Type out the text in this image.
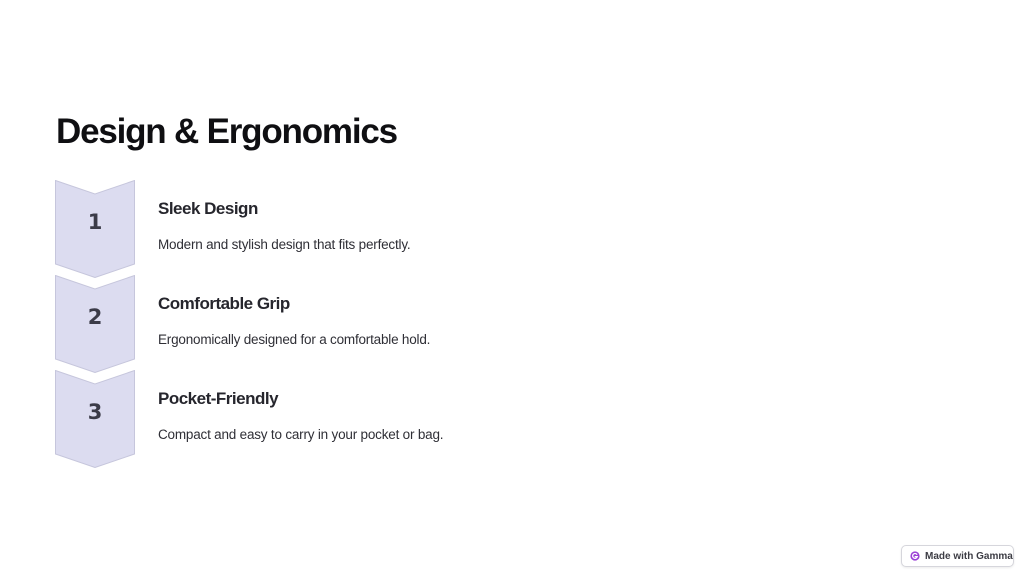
Design & Ergonomics
1
Sleek Design

Modern and stylish design that fits perfectly.

2
Comfortable Grip

Ergonomically designed for a comfortable hold.

3
Pocket-Friendly

Compact and easy to carry in your pocket or bag.

Made with Gamma
